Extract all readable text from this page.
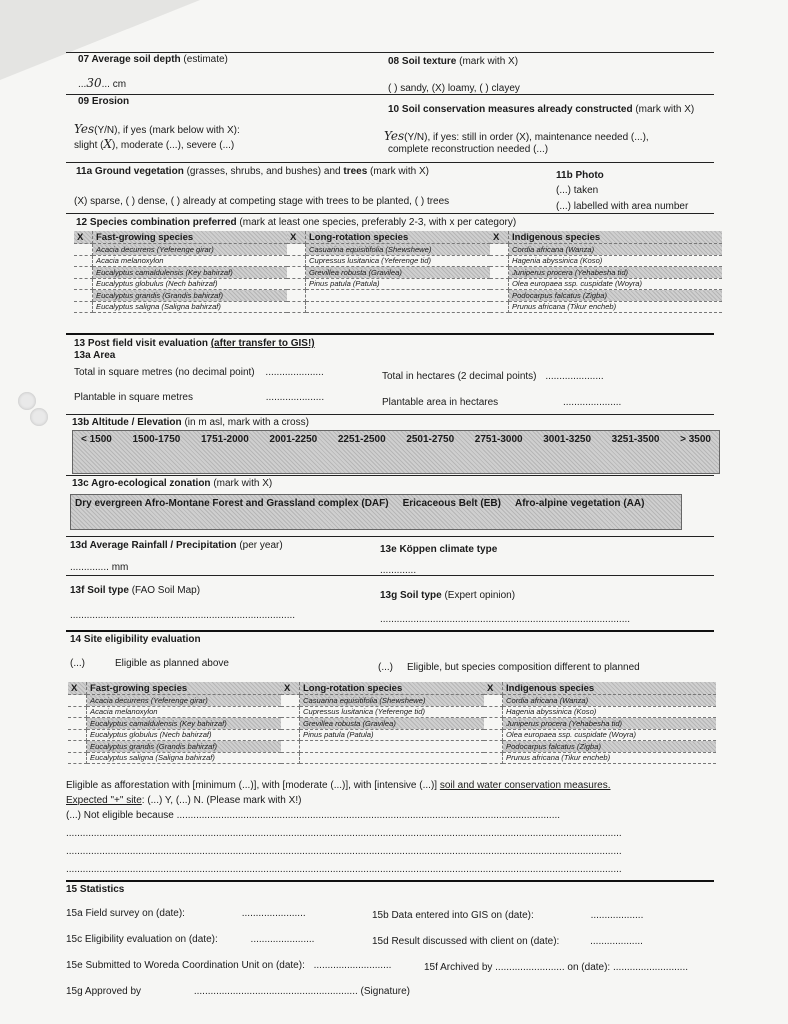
07 Average soil depth (estimate)
...30... cm
08 Soil texture (mark with X)
( ) sandy, (X) loamy, ( ) clayey
09 Erosion
Yes(Y/N), if yes (mark below with X):
slight (X), moderate (...), severe (...)
10 Soil conservation measures already constructed (mark with X)
Yes(Y/N), if yes: still in order (X), maintenance needed (...),
complete reconstruction needed (...)
11a Ground vegetation (grasses, shrubs, and bushes) and trees (mark with X)
(X) sparse, ( ) dense, ( ) already at competing stage with trees to be planted, ( ) trees
11b Photo
(...) taken
(...) labelled with area number
12 Species combination preferred (mark at least one species, preferably 2-3, with x per category)
X	Fast-growing species	X	Long-rotation species	X	Indigenous species
	Acacia decurrens (Yeferenge girar)		Casuarina equisitifolia (Shewshewe)		Cordia africana (Wanza)
	Acacia melanoxylon		Cupressus lusitanica (Yeferenge tid)		Hagenia abyssinica (Koso)
	Eucalyptus camaldulensis (Key bahirzaf)		Grevillea robusta (Gravilea)		Juniperus procera (Yehabesha tid)
	Eucalyptus globulus (Nech bahirzaf)		Pinus patula (Patula)		Olea europaea ssp. cuspidate (Woyra)
	Eucalyptus grandis (Grandis bahirzaf)				Podocarpus falcatus (Zigba)
	Eucalyptus saligna (Saligna bahirzaf)				Prunus africana (Tikur encheb)
13 Post field visit evaluation (after transfer to GIS!)
13a Area
Total in square metres (no decimal point) .....................	Total in hectares (2 decimal points) .....................
Plantable in square metres	.....................	Plantable area in hectares	.....................
13b Altitude / Elevation (in m asl, mark with a cross)
< 1500 1500-1750 1751-2000 2001-2250 2251-2500 2501-2750 2751-3000 3001-3250 3251-3500 > 3500
13c Agro-ecological zonation (mark with X)
Dry evergreen Afro-Montane Forest and Grassland complex (DAF) Ericaceous Belt (EB) Afro-alpine vegetation (AA)
13d Average Rainfall / Precipitation (per year)
.............. mm
13e Köppen climate type
.............
13f Soil type (FAO Soil Map)
.................................................................................
13g Soil type (Expert opinion)
..........................................................................................
14 Site eligibility evaluation
(...)	Eligible as planned above	(...) Eligible, but species composition different to planned
X	Fast-growing species	X	Long-rotation species	X	Indigenous species
	Acacia decurrens (Yeferenge girar)		Casuarina equisitifolia (Shewshewe)		Cordia africana (Wanza)
	Acacia melanoxylon		Cupressus lusitanica (Yeferenge tid)		Hagenia abyssinica (Koso)
	Eucalyptus camaldulensis (Key bahirzaf)		Grevillea robusta (Gravilea)		Juniperus procera (Yehabesha tid)
	Eucalyptus globulus (Nech bahirzaf)		Pinus patula (Patula)		Olea europaea ssp. cuspidate (Woyra)
	Eucalyptus grandis (Grandis bahirzaf)				Podocarpus falcatus (Zigba)
	Eucalyptus saligna (Saligna bahirzaf)				Prunus africana (Tikur encheb)
Eligible as afforestation with [minimum (...)], with [moderate (...)], with [intensive (...)] soil and water conservation measures.
Expected "+" site: (...) Y, (...) N. (Please mark with X!)
(...) Not eligible because ..........................................................................................................................................
........................................................................................................................................................................................................
........................................................................................................................................................................................................
........................................................................................................................................................................................................
15 Statistics
15a Field survey on (date):	.......................	15b Data entered into GIS on (date):	...................
15c Eligibility evaluation on (date):	.......................	15d Result discussed with client on (date):	...................
15e Submitted to Woreda Coordination Unit on (date): ............................	15f Archived by ......................... on (date): ...........................
15g Approved by	........................................................... (Signature)
